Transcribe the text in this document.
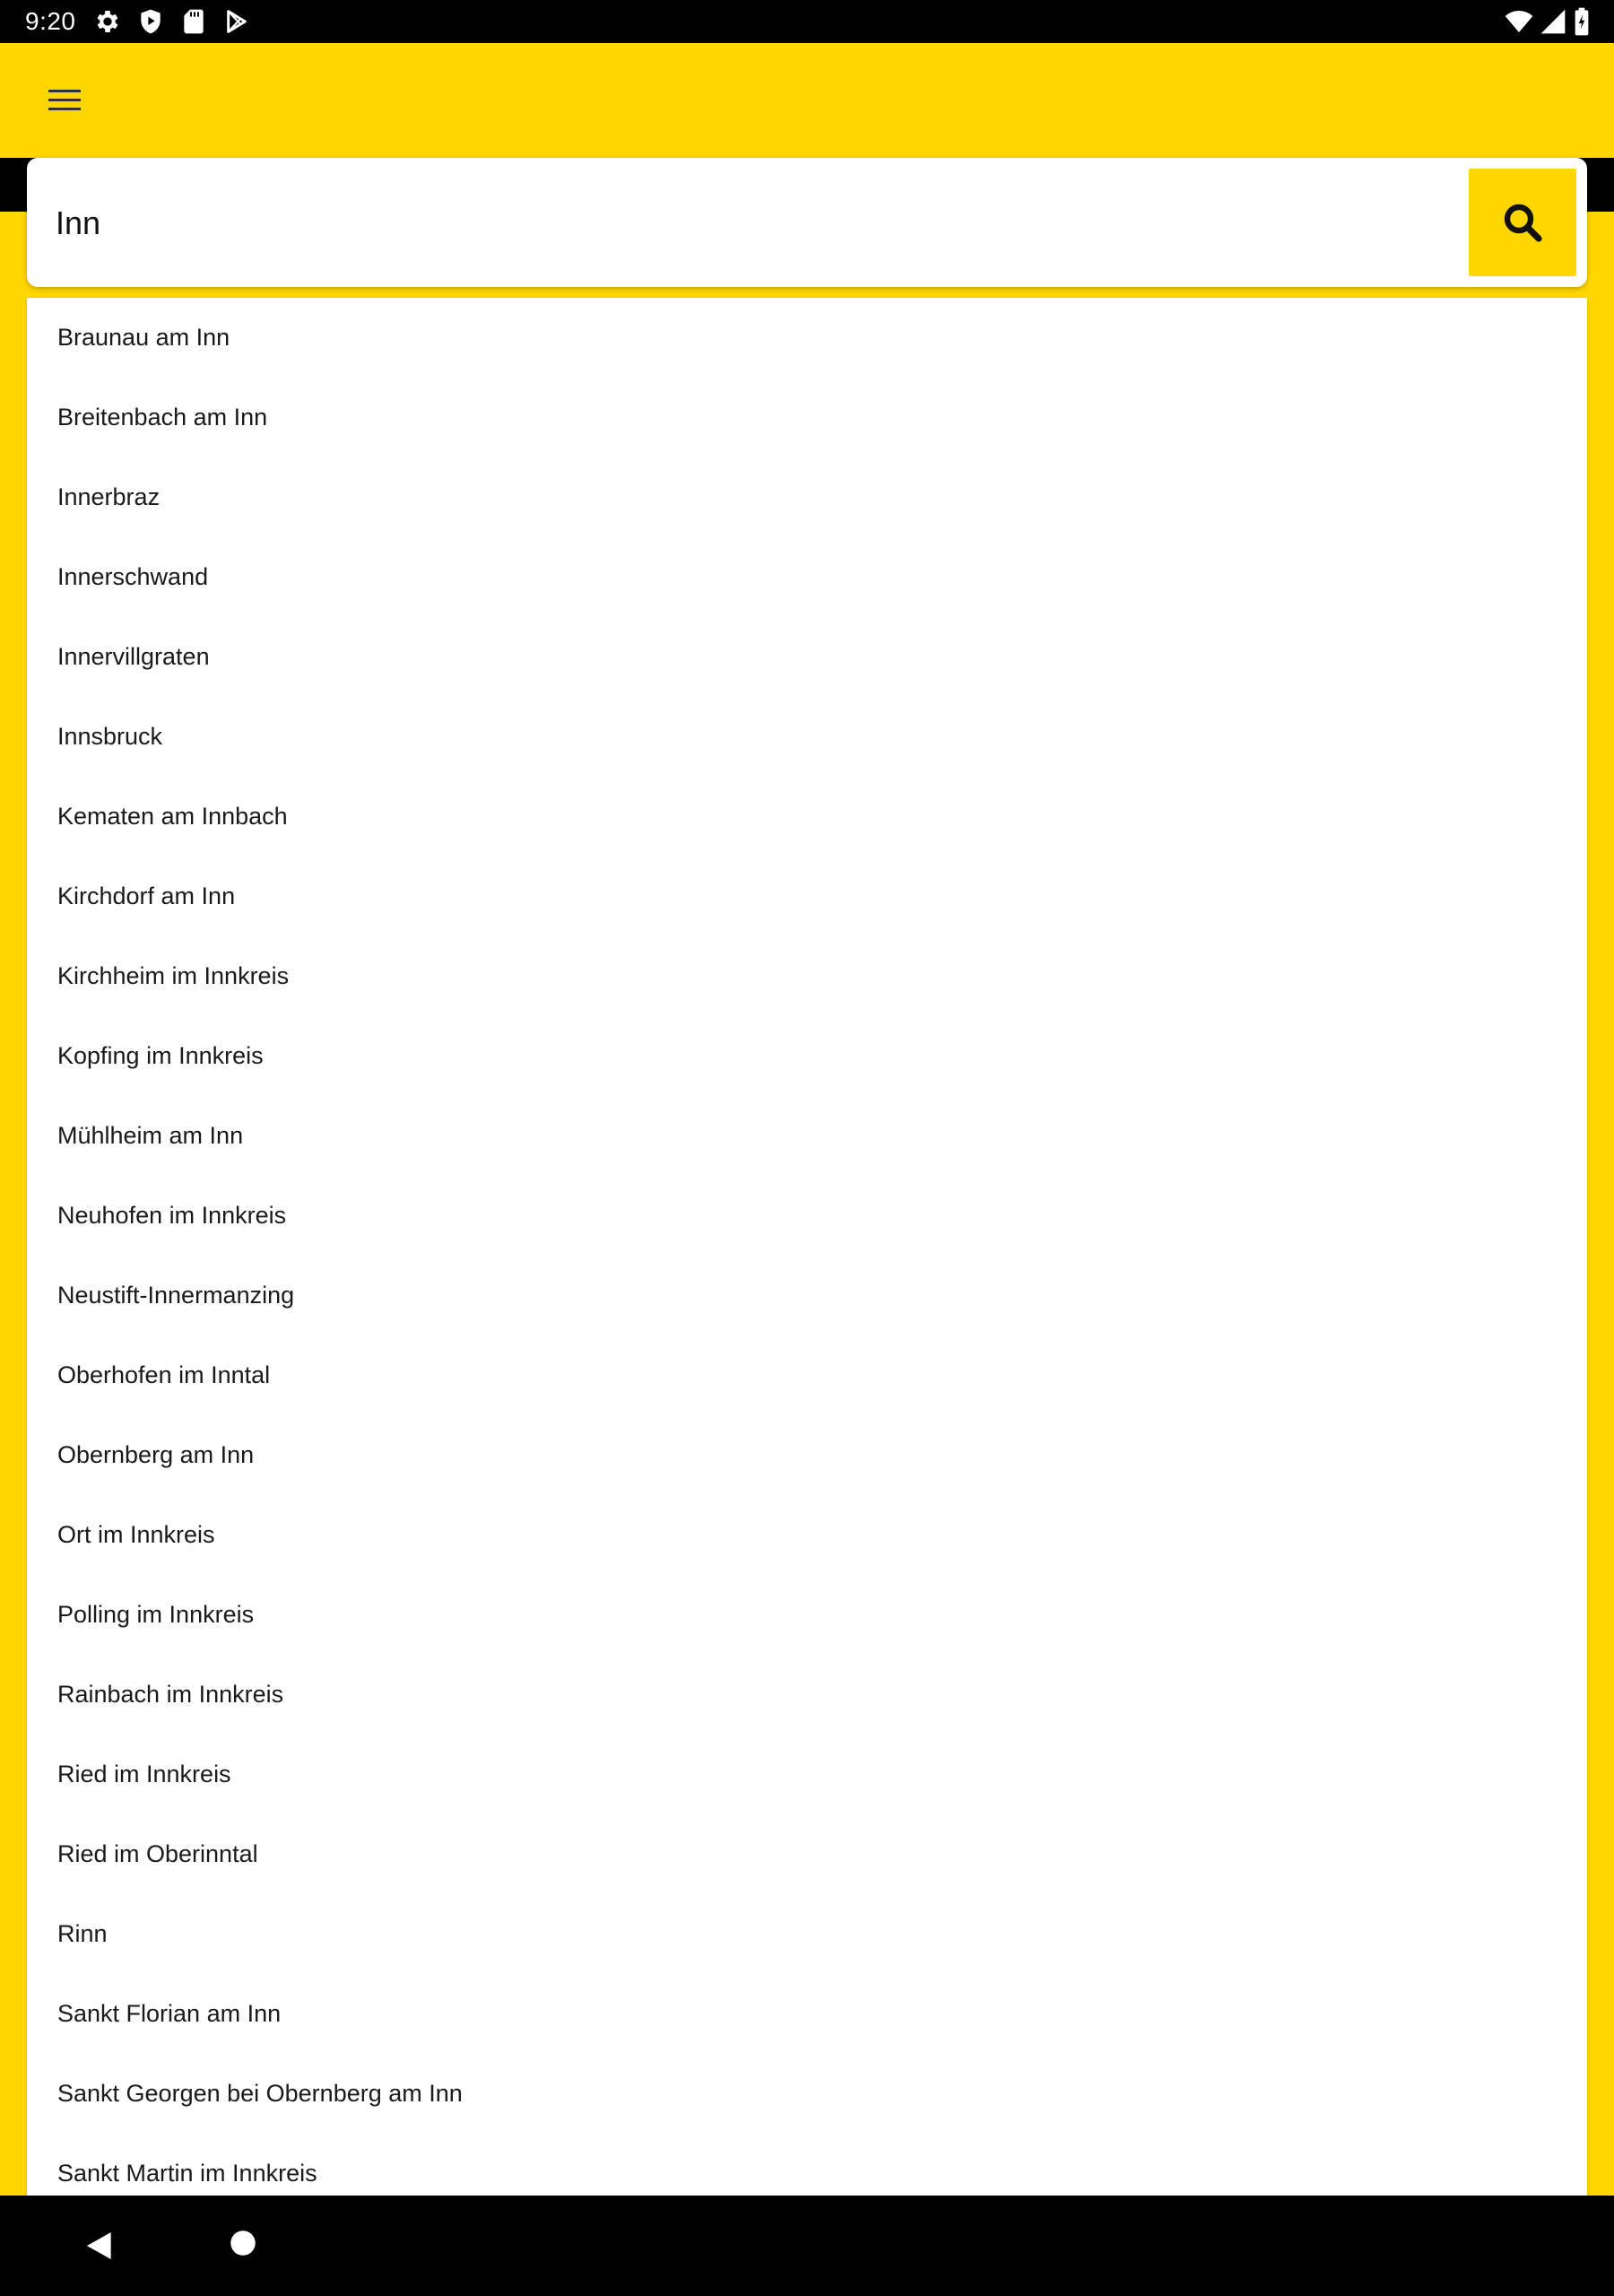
9:20
Inn
Braunau am Inn
Breitenbach am Inn
Innerbraz
Innerschwand
Innervillgraten
Innsbruck
Kematen am Innbach
Kirchdorf am Inn
Kirchheim im Innkreis
Kopfing im Innkreis
Mühlheim am Inn
Neuhofen im Innkreis
Neustift-Innermanzing
Oberhofen im Inntal
Obernberg am Inn
Ort im Innkreis
Polling im Innkreis
Rainbach im Innkreis
Ried im Innkreis
Ried im Oberinntal
Rinn
Sankt Florian am Inn
Sankt Georgen bei Obernberg am Inn
Sankt Martin im Innkreis
